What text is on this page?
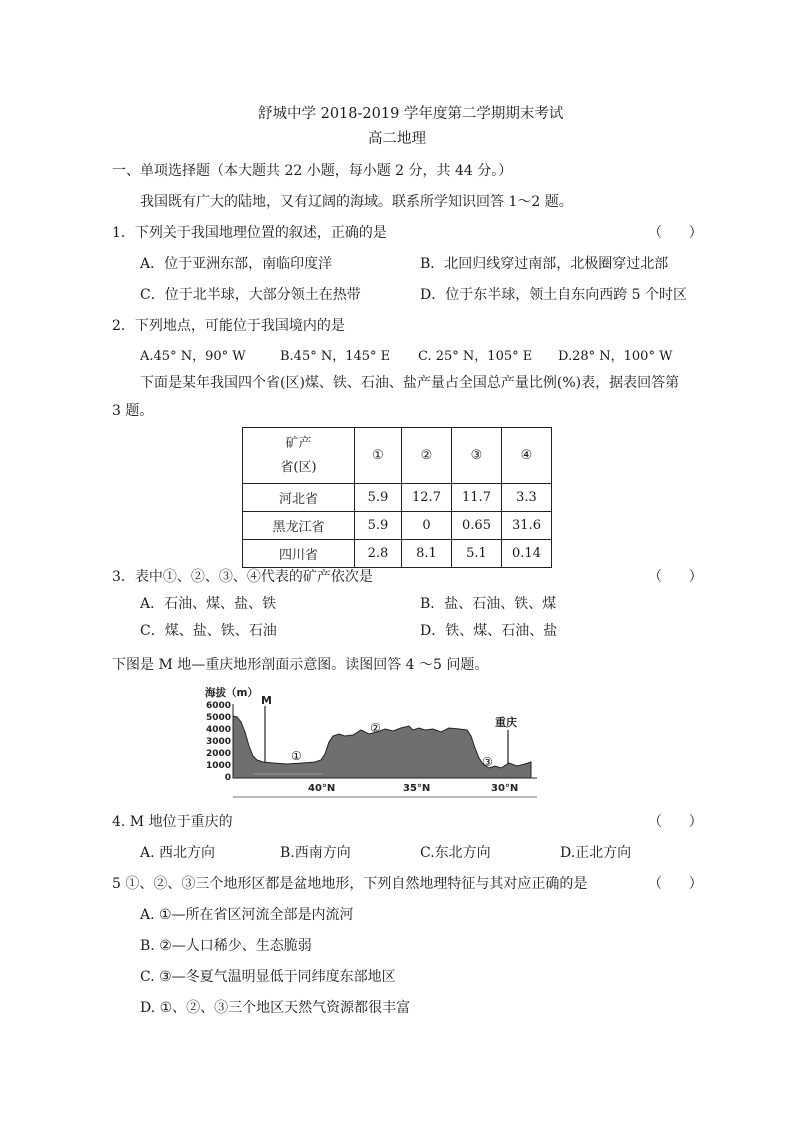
舒城中学 2018-2019 学年度第二学期期末考试
高二地理
一、单项选择题（本大题共 22 小题，每小题 2 分，共 44 分。）
我国既有广大的陆地，又有辽阔的海域。联系所学知识回答 1～2 题。
1．下列关于我国地理位置的叙述，正确的是	（      ）
A．位于亚洲东部，南临印度洋	B．北回归线穿过南部，北极圈穿过北部
C．位于北半球，大部分领土在热带	D．位于东半球，领土自东向西跨 5 个时区
2．下列地点，可能位于我国境内的是
A.45° N，90° W	B.45° N，145° E C. 25° N，105° E D.28° N，100° W
下面是某年我国四个省(区)煤、铁、石油、盐产量占全国总产量比例(%)表，据表回答第
3 题。
矿产
省(区)	①	②	③	④
河北省	5.9	12.7	11.7	3.3
黑龙江省	5.9	0	0.65	31.6
四川省	2.8	8.1	5.1	0.14
3．表中①、②、③、④代表的矿产依次是	（      ）
A．石油、煤、盐、铁	B．盐、石油、铁、煤
C．煤、盐、铁、石油	D．铁、煤、石油、盐
下图是 M 地—重庆地形剖面示意图。读图回答 4 ～5 问题。
海拔（m）
6000
5000
4000
3000
2000
1000
0
M
重庆
①
②
③
40°N	35°N	30°N
4. M 地位于重庆的	（      ）
A. 西北方向	B.西南方向	C.东北方向	D.正北方向
5 ①、②、③三个地形区都是盆地地形，下列自然地理特征与其对应正确的是	（      ）
A. ①—所在省区河流全部是内流河
B. ②—人口稀少、生态脆弱
C. ③—冬夏气温明显低于同纬度东部地区
D. ①、②、③三个地区天然气资源都很丰富
